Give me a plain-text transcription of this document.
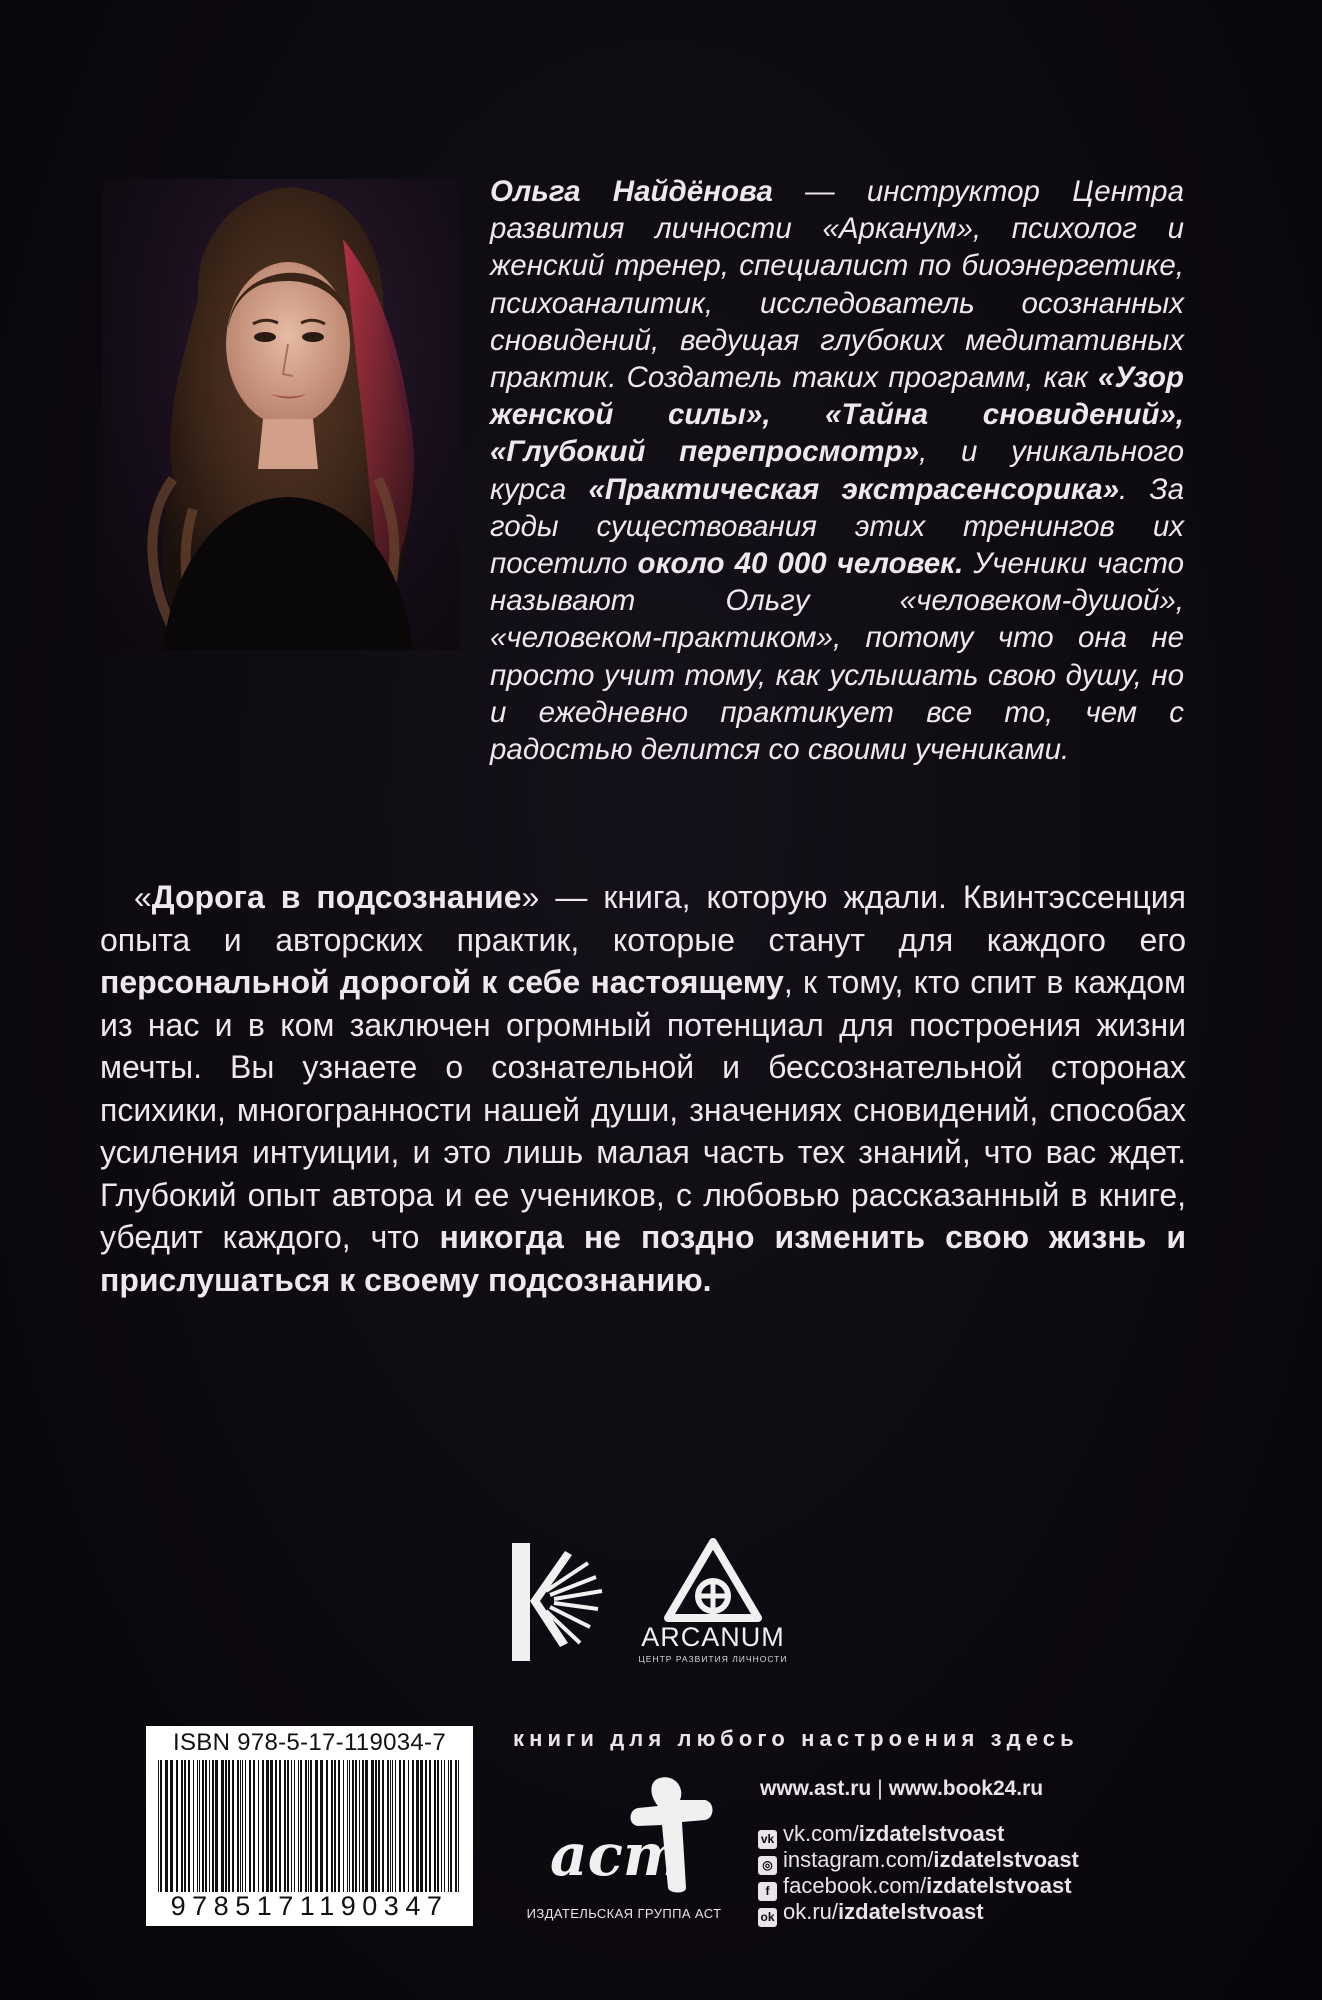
Ольга Найдёнова — инструктор Центра развития личности «Арканум», психолог и женский тренер, специалист по биоэнергетике, психоаналитик, исследователь осознанных сновидений, ведущая глубоких медитативных практик. Создатель таких программ, как «Узор женской силы», «Тайна сновидений», «Глубокий перепросмотр», и уникального курса «Практическая экстрасенсорика». За годы существования этих тренингов их посетило около 40 000 человек. Ученики часто называют Ольгу «человеком-душой», «человеком-практиком», потому что она не просто учит тому, как услышать свою душу, но и ежедневно практикует все то, чем с радостью делится со своими учениками.
«Дорога в подсознание» — книга, которую ждали. Квинтэссенция опыта и авторских практик, которые станут для каждого его персональной дорогой к себе настоящему, к тому, кто спит в каждом из нас и в ком заключен огромный потенциал для построения жизни мечты. Вы узнаете о сознательной и бессознательной сторонах психики, многогранности нашей души, значениях сновидений, способах усиления интуиции, и это лишь малая часть тех знаний, что вас ждет. Глубокий опыт автора и ее учеников, с любовью рассказанный в книге, убедит каждого, что никогда не поздно изменить свою жизнь и прислушаться к своему подсознанию.
ARCANUM
ЦЕНТР РАЗВИТИЯ ЛИЧНОСТИ
ISBN 978-5-17-119034-7
9785171190347
книги для любого настроения здесь
аст
ИЗДАТЕЛЬСКАЯ ГРУППА АСТ
www.ast.ru | www.book24.ru
vk vk.com/izdatelstvoast
◎ instagram.com/izdatelstvoast
f facebook.com/izdatelstvoast
ok ok.ru/izdatelstvoast
